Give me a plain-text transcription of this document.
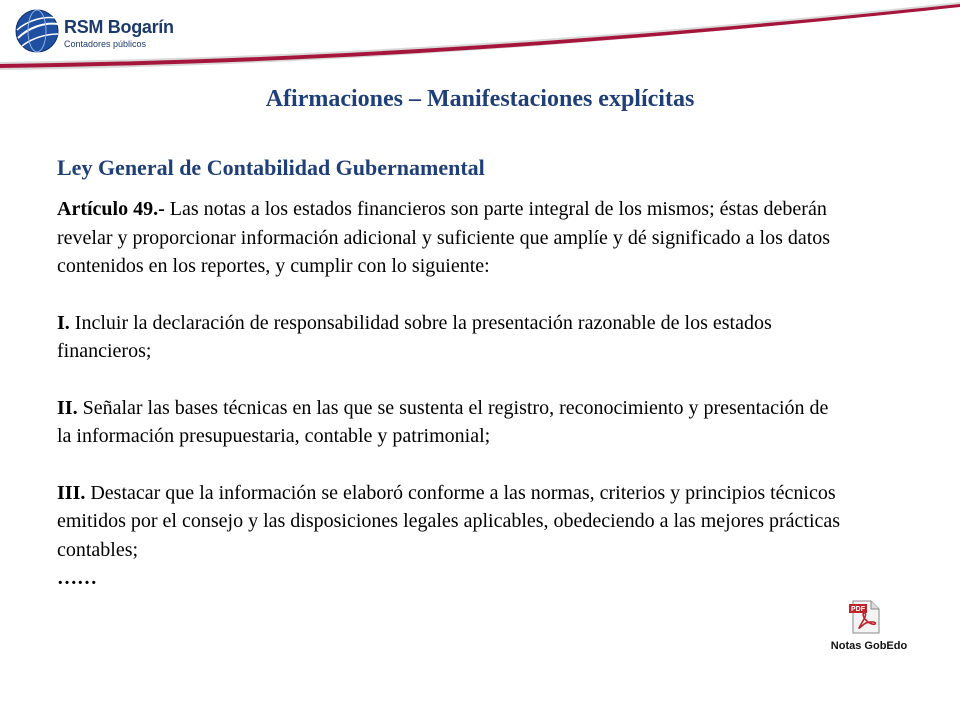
RSM Bogarín
Contadores públicos
Afirmaciones – Manifestaciones explícitas
Ley General de Contabilidad Gubernamental

Artículo 49.- Las notas a los estados financieros son parte integral de los mismos; éstas deberán revelar y proporcionar información adicional y suficiente que amplíe y dé significado a los datos contenidos en los reportes, y cumplir con lo siguiente:

I. Incluir la declaración de responsabilidad sobre la presentación razonable de los estados financieros;

II. Señalar las bases técnicas en las que se sustenta el registro, reconocimiento y presentación de la información presupuestaria, contable y patrimonial;

III. Destacar que la información se elaboró conforme a las normas, criterios y principios técnicos emitidos por el consejo y las disposiciones legales aplicables, obedeciendo a las mejores prácticas contables;

……

PDF
Notas GobEdo
